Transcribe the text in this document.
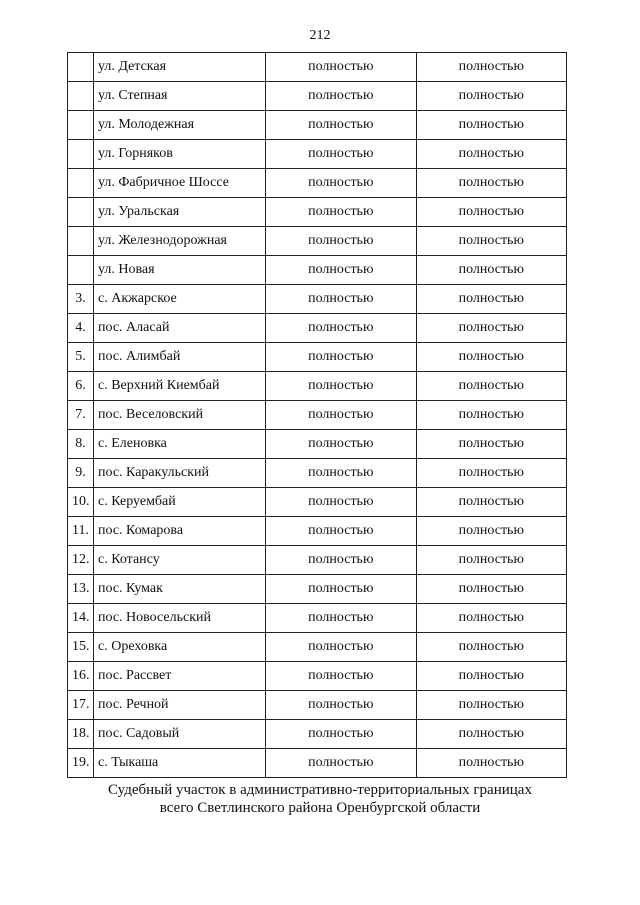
212
	ул. Детская	полностью	полностью
	ул. Степная	полностью	полностью
	ул. Молодежная	полностью	полностью
	ул. Горняков	полностью	полностью
	ул. Фабричное Шоссе	полностью	полностью
	ул. Уральская	полностью	полностью
	ул. Железнодорожная	полностью	полностью
	ул. Новая	полностью	полностью
3.	с. Акжарское	полностью	полностью
4.	пос. Аласай	полностью	полностью
5.	пос. Алимбай	полностью	полностью
6.	с. Верхний Киембай	полностью	полностью
7.	пос. Веселовский	полностью	полностью
8.	с. Еленовка	полностью	полностью
9.	пос. Каракульский	полностью	полностью
10.	с. Керуембай	полностью	полностью
11.	пос. Комарова	полностью	полностью
12.	с. Котансу	полностью	полностью
13.	пос. Кумак	полностью	полностью
14.	пос. Новосельский	полностью	полностью
15.	с. Ореховка	полностью	полностью
16.	пос. Рассвет	полностью	полностью
17.	пос. Речной	полностью	полностью
18.	пос. Садовый	полностью	полностью
19.	с. Тыкаша	полностью	полностью
Судебный участок в административно-территориальных границах
всего Светлинского района Оренбургской области
